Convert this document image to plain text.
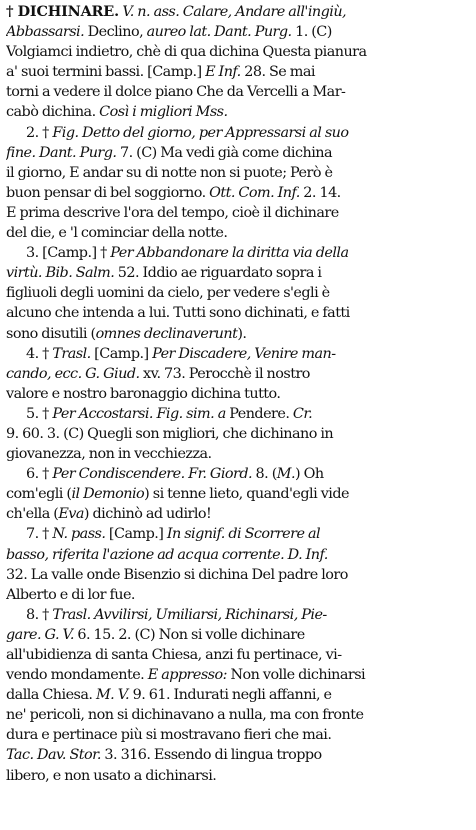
† DICHINARE. V. n. ass. Calare, Andare all'ingiù,
Abbassarsi. Declino, aureo lat. Dant. Purg. 1. (C)
Volgiamci indietro, chè di qua dichina Questa pianura
a' suoi termini bassi. [Camp.] E Inf. 28. Se mai
torni a vedere il dolce piano Che da Vercelli a Mar-
cabò dichina. Così i migliori Mss.

2. † Fig. Detto del giorno, per Appressarsi al suo
fine. Dant. Purg. 7. (C) Ma vedi già come dichina
il giorno, E andar su di notte non si puote; Però è
buon pensar di bel soggiorno. Ott. Com. Inf. 2. 14.
E prima descrive l'ora del tempo, cioè il dichinare
del die, e 'l cominciar della notte.

3. [Camp.] † Per Abbandonare la diritta via della
virtù. Bib. Salm. 52. Iddio ae riguardato sopra i
figliuoli degli uomini da cielo, per vedere s'egli è
alcuno che intenda a lui. Tutti sono dichinati, e fatti
sono disutili (omnes declinaverunt).

4. † Trasl. [Camp.] Per Discadere, Venire man-
cando, ecc. G. Giud. xv. 73. Perocchè il nostro
valore e nostro baronaggio dichina tutto.

5. † Per Accostarsi. Fig. sim. a Pendere. Cr.
9. 60. 3. (C) Quegli son migliori, che dichinano in
giovanezza, non in vecchiezza.

6. † Per Condiscendere. Fr. Giord. 8. (M.) Oh
com'egli (il Demonio) si tenne lieto, quand'egli vide
ch'ella (Eva) dichinò ad udirlo!

7. † N. pass. [Camp.] In signif. di Scorrere al
basso, riferita l'azione ad acqua corrente. D. Inf.
32. La valle onde Bisenzio si dichina Del padre loro
Alberto e di lor fue.

8. † Trasl. Avvilirsi, Umiliarsi, Richinarsi, Pie-
gare. G. V. 6. 15. 2. (C) Non si volle dichinare
all'ubidienza di santa Chiesa, anzi fu pertinace, vi-
vendo mondamente. E appresso: Non volle dichinarsi
dalla Chiesa. M. V. 9. 61. Indurati negli affanni, e
ne' pericoli, non si dichinavano a nulla, ma con fronte
dura e pertinace più si mostravano fieri che mai.
Tac. Dav. Stor. 3. 316. Essendo di lingua troppo
libero, e non usato a dichinarsi.
